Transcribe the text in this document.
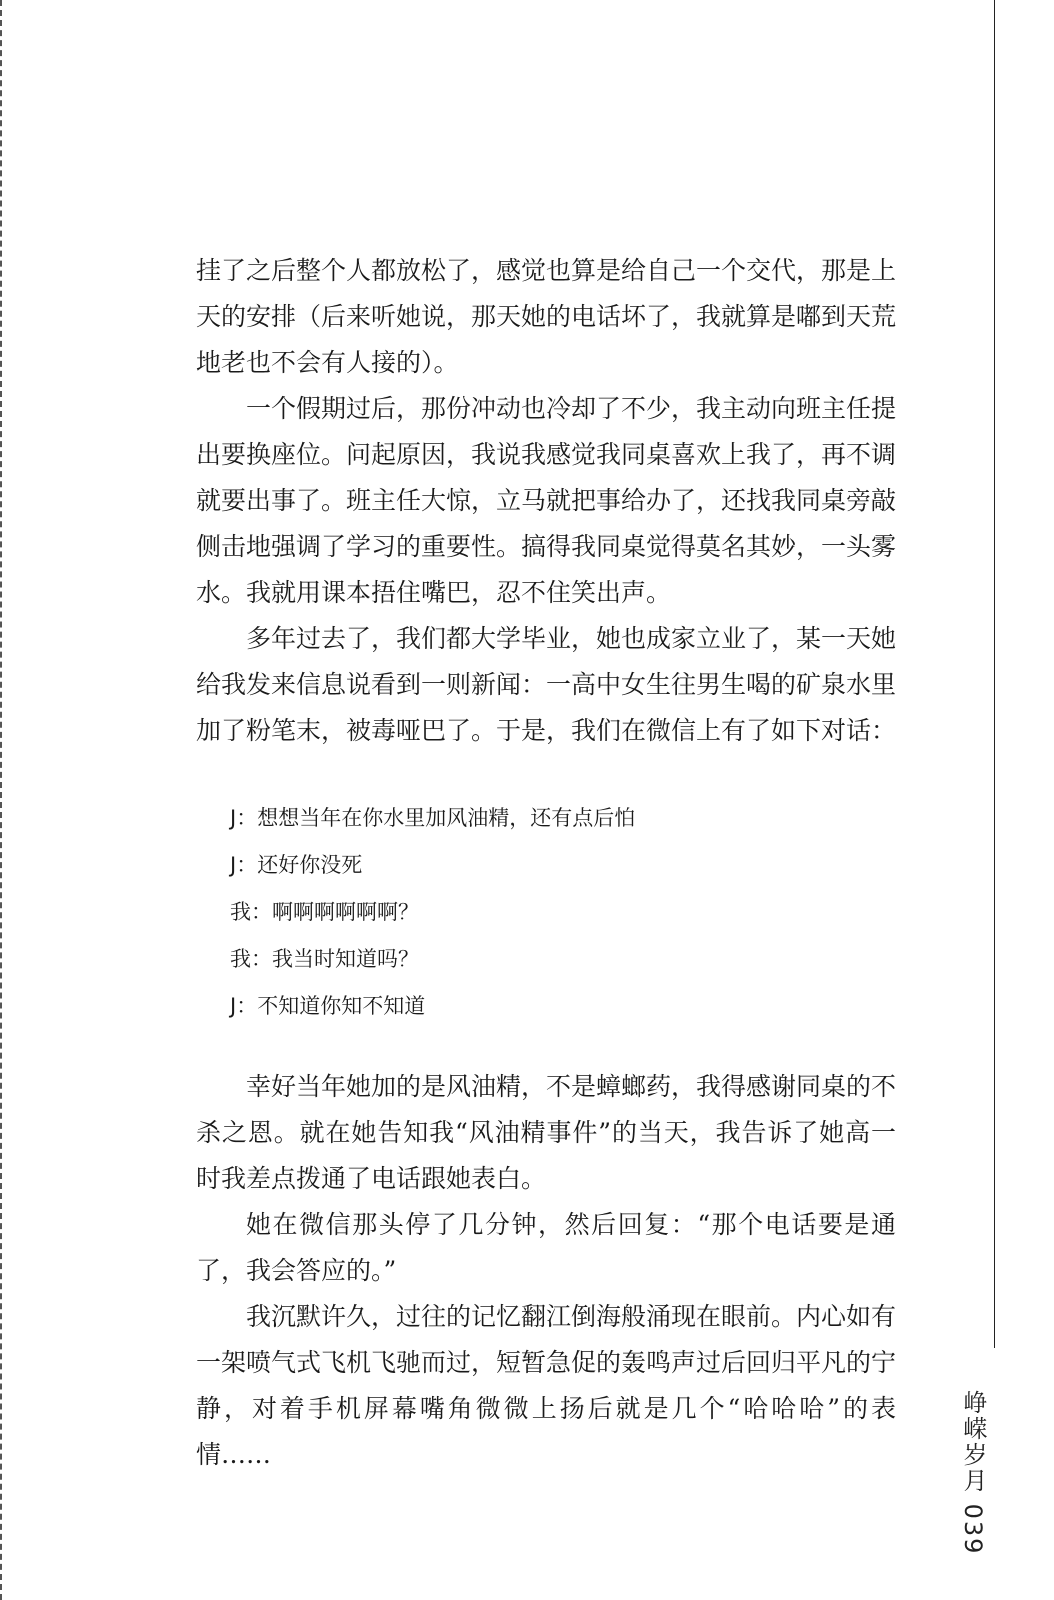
挂了之后整个人都放松了，感觉也算是给自己一个交代，那是上天的安排（后来听她说，那天她的电话坏了，我就算是嘟到天荒地老也不会有人接的）。

一个假期过后，那份冲动也冷却了不少，我主动向班主任提出要换座位。问起原因，我说我感觉我同桌喜欢上我了，再不调就要出事了。班主任大惊，立马就把事给办了，还找我同桌旁敲侧击地强调了学习的重要性。搞得我同桌觉得莫名其妙，一头雾水。我就用课本捂住嘴巴，忍不住笑出声。

多年过去了，我们都大学毕业，她也成家立业了，某一天她给我发来信息说看到一则新闻：一高中女生往男生喝的矿泉水里加了粉笔末，被毒哑巴了。于是，我们在微信上有了如下对话：

J：想想当年在你水里加风油精，还有点后怕

J：还好你没死

我：啊啊啊啊啊啊？

我：我当时知道吗？

J：不知道你知不知道

幸好当年她加的是风油精，不是蟑螂药，我得感谢同桌的不杀之恩。就在她告知我“风油精事件”的当天，我告诉了她高一时我差点拨通了电话跟她表白。

她在微信那头停了几分钟，然后回复：“那个电话要是通了，我会答应的。”

我沉默许久，过往的记忆翻江倒海般涌现在眼前。内心如有一架喷气式飞机飞驰而过，短暂急促的轰鸣声过后回归平凡的宁静，对着手机屏幕嘴角微微上扬后就是几个“哈哈哈”的表情……	峥嵘岁月 039
